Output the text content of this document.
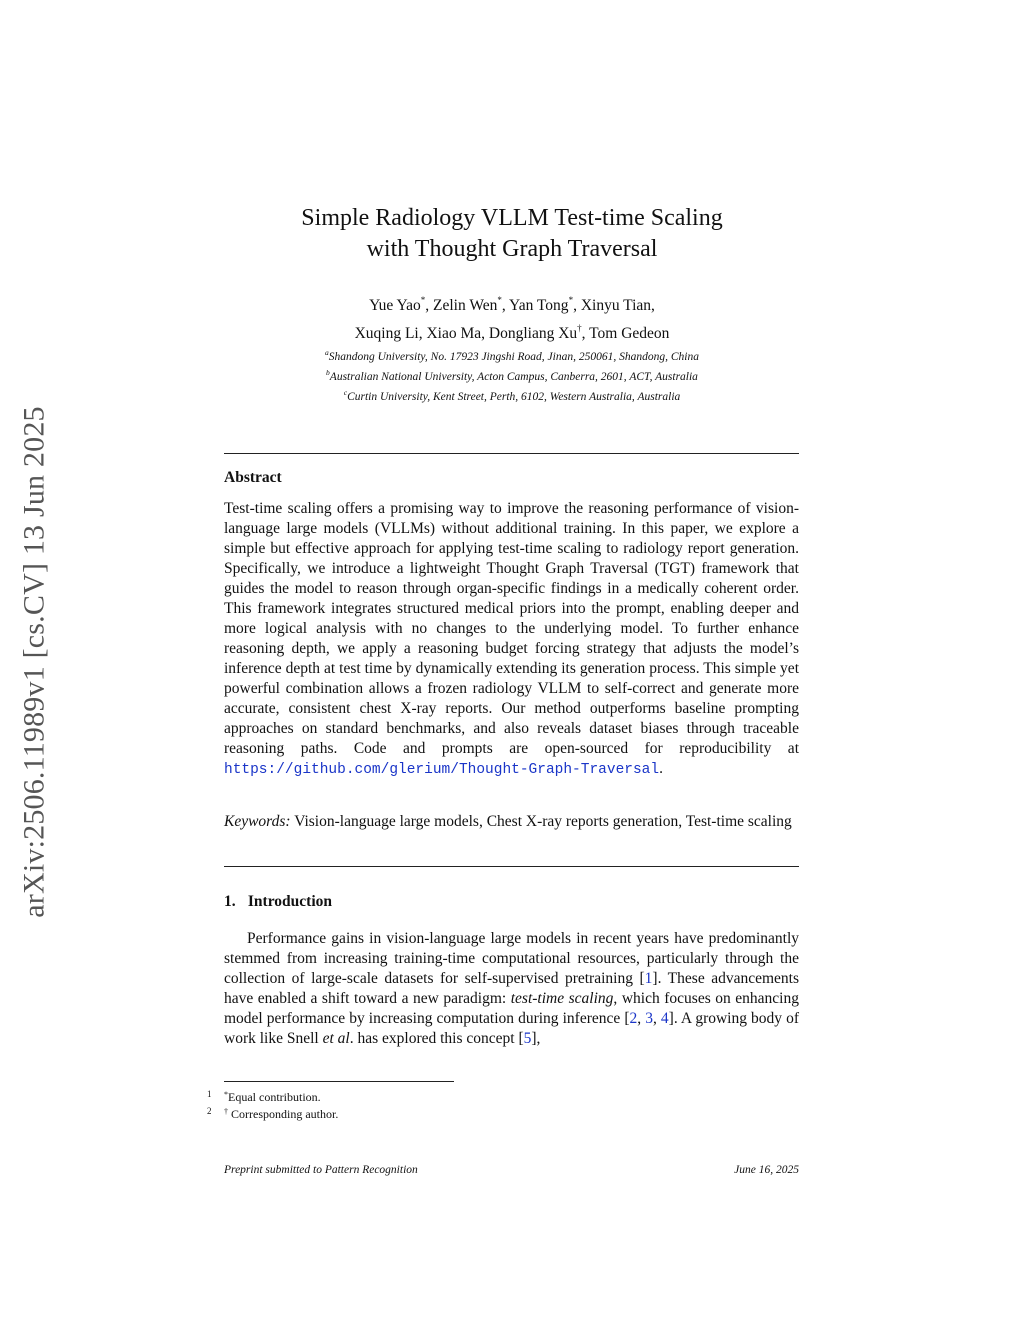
arXiv:2506.11989v1 [cs.CV] 13 Jun 2025
Simple Radiology VLLM Test-time Scaling
with Thought Graph Traversal
Yue Yao*, Zelin Wen*, Yan Tong*, Xinyu Tian,
Xuqing Li, Xiao Ma, Dongliang Xu†, Tom Gedeon
$^a$Shandong University, No. 17923 Jingshi Road, Jinan, 250061, Shandong, China
$^b$Australian National University, Acton Campus, Canberra, 2601, ACT, Australia
$^c$Curtin University, Kent Street, Perth, 6102, Western Australia, Australia
Abstract
Test-time scaling offers a promising way to improve the reasoning performance of vision-language large models (VLLMs) without additional training. In this paper, we explore a simple but effective approach for applying test-time scaling to radiology report generation. Specifically, we introduce a lightweight Thought Graph Traversal (TGT) framework that guides the model to reason through organ-specific findings in a medically coherent order. This framework integrates structured medical priors into the prompt, enabling deeper and more logical analysis with no changes to the underlying model. To further enhance reasoning depth, we apply a reasoning budget forcing strategy that adjusts the model’s inference depth at test time by dynamically extending its generation process. This simple yet powerful combination allows a frozen radiology VLLM to self-correct and generate more accurate, consistent chest X-ray reports. Our method outperforms baseline prompting approaches on standard benchmarks, and also reveals dataset biases through traceable reasoning paths. Code and prompts are open-sourced for reproducibility at https://github.com/glerium/Thought-Graph-Traversal.
Keywords: Vision-language large models, Chest X-ray reports generation, Test-time scaling
1. Introduction
Performance gains in vision-language large models in recent years have predominantly stemmed from increasing training-time computational resources, particularly through the collection of large-scale datasets for self-supervised pretraining [1]. These advancements have enabled a shift toward a new paradigm: test-time scaling, which focuses on enhancing model performance by increasing computation during inference [2, 3, 4]. A growing body of work like Snell et al. has explored this concept [5],
1 *Equal contribution.
2 † Corresponding author.
Preprint submitted to Pattern Recognition	June 16, 2025
